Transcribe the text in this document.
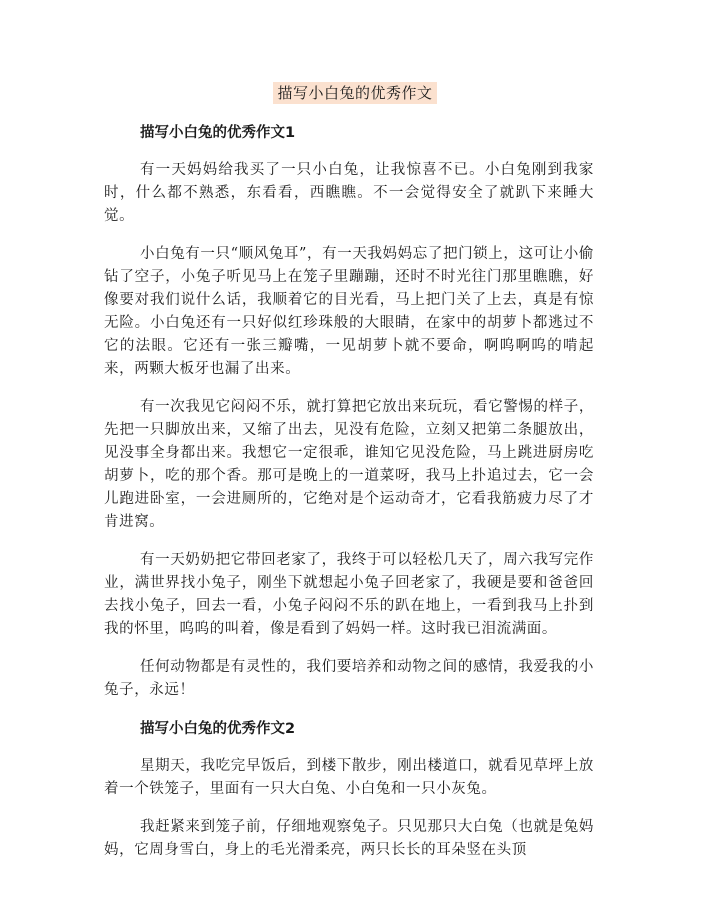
描写小白兔的优秀作文
描写小白兔的优秀作文1

有一天妈妈给我买了一只小白兔，让我惊喜不已。小白兔刚到我家时，什么都不熟悉，东看看，西瞧瞧。不一会觉得安全了就趴下来睡大觉。

小白兔有一只“顺风兔耳”，有一天我妈妈忘了把门锁上，这可让小偷钻了空子，小兔子听见马上在笼子里蹦蹦，还时不时光往门那里瞧瞧，好像要对我们说什么话，我顺着它的目光看，马上把门关了上去，真是有惊无险。小白兔还有一只好似红珍珠般的大眼睛，在家中的胡萝卜都逃过不它的法眼。它还有一张三瓣嘴，一见胡萝卜就不要命，啊呜啊呜的啃起来，两颗大板牙也漏了出来。

有一次我见它闷闷不乐，就打算把它放出来玩玩，看它警惕的样子，先把一只脚放出来，又缩了出去，见没有危险，立刻又把第二条腿放出，见没事全身都出来。我想它一定很乖，谁知它见没危险，马上跳进厨房吃胡萝卜，吃的那个香。那可是晚上的一道菜呀，我马上扑追过去，它一会儿跑进卧室，一会进厕所的，它绝对是个运动奇才，它看我筋疲力尽了才肯进窝。

有一天奶奶把它带回老家了，我终于可以轻松几天了，周六我写完作业，满世界找小兔子，刚坐下就想起小兔子回老家了，我硬是要和爸爸回去找小兔子，回去一看，小兔子闷闷不乐的趴在地上，一看到我马上扑到我的怀里，呜呜的叫着，像是看到了妈妈一样。这时我已泪流满面。

任何动物都是有灵性的，我们要培养和动物之间的感情，我爱我的小兔子，永远！

描写小白兔的优秀作文2

星期天，我吃完早饭后，到楼下散步，刚出楼道口，就看见草坪上放着一个铁笼子，里面有一只大白兔、小白兔和一只小灰兔。

我赶紧来到笼子前，仔细地观察兔子。只见那只大白兔（也就是兔妈妈，它周身雪白，身上的毛光滑柔亮，两只长长的耳朵竖在头顶
